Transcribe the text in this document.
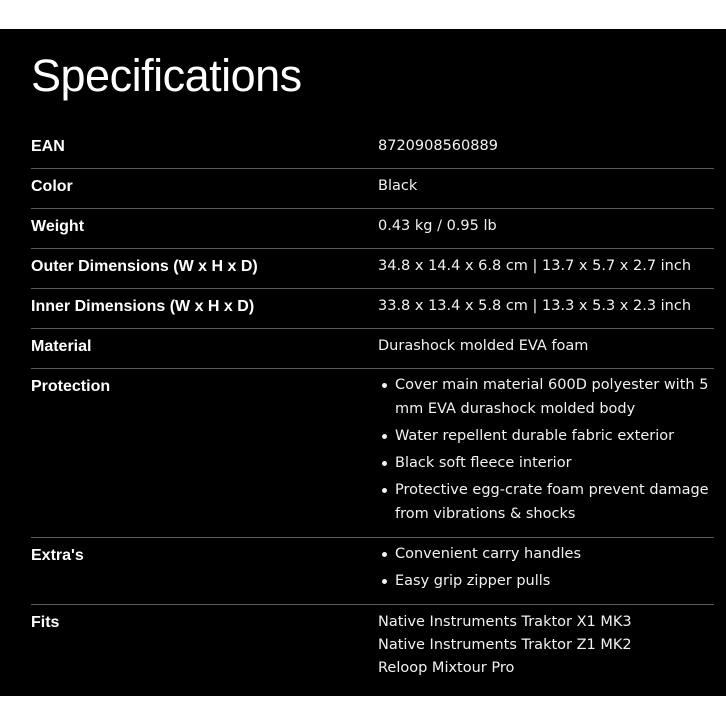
Specifications
EAN	8720908560889
Color	Black
Weight	0.43 kg / 0.95 lb
Outer Dimensions (W x H x D)	34.8 x 14.4 x 6.8 cm | 13.7 x 5.7 x 2.7 inch
Inner Dimensions (W x H x D)	33.8 x 13.4 x 5.8 cm | 13.3 x 5.3 x 2.3 inch
Material	Durashock molded EVA foam
Protection	Cover main material 600D polyester with 5 mm EVA durashock molded body
Water repellent durable fabric exterior
Black soft fleece interior
Protective egg-crate foam prevent damage from vibrations & shocks
Extra's	Convenient carry handles
Easy grip zipper pulls
Fits	Native Instruments Traktor X1 MK3
Native Instruments Traktor Z1 MK2
Reloop Mixtour Pro
